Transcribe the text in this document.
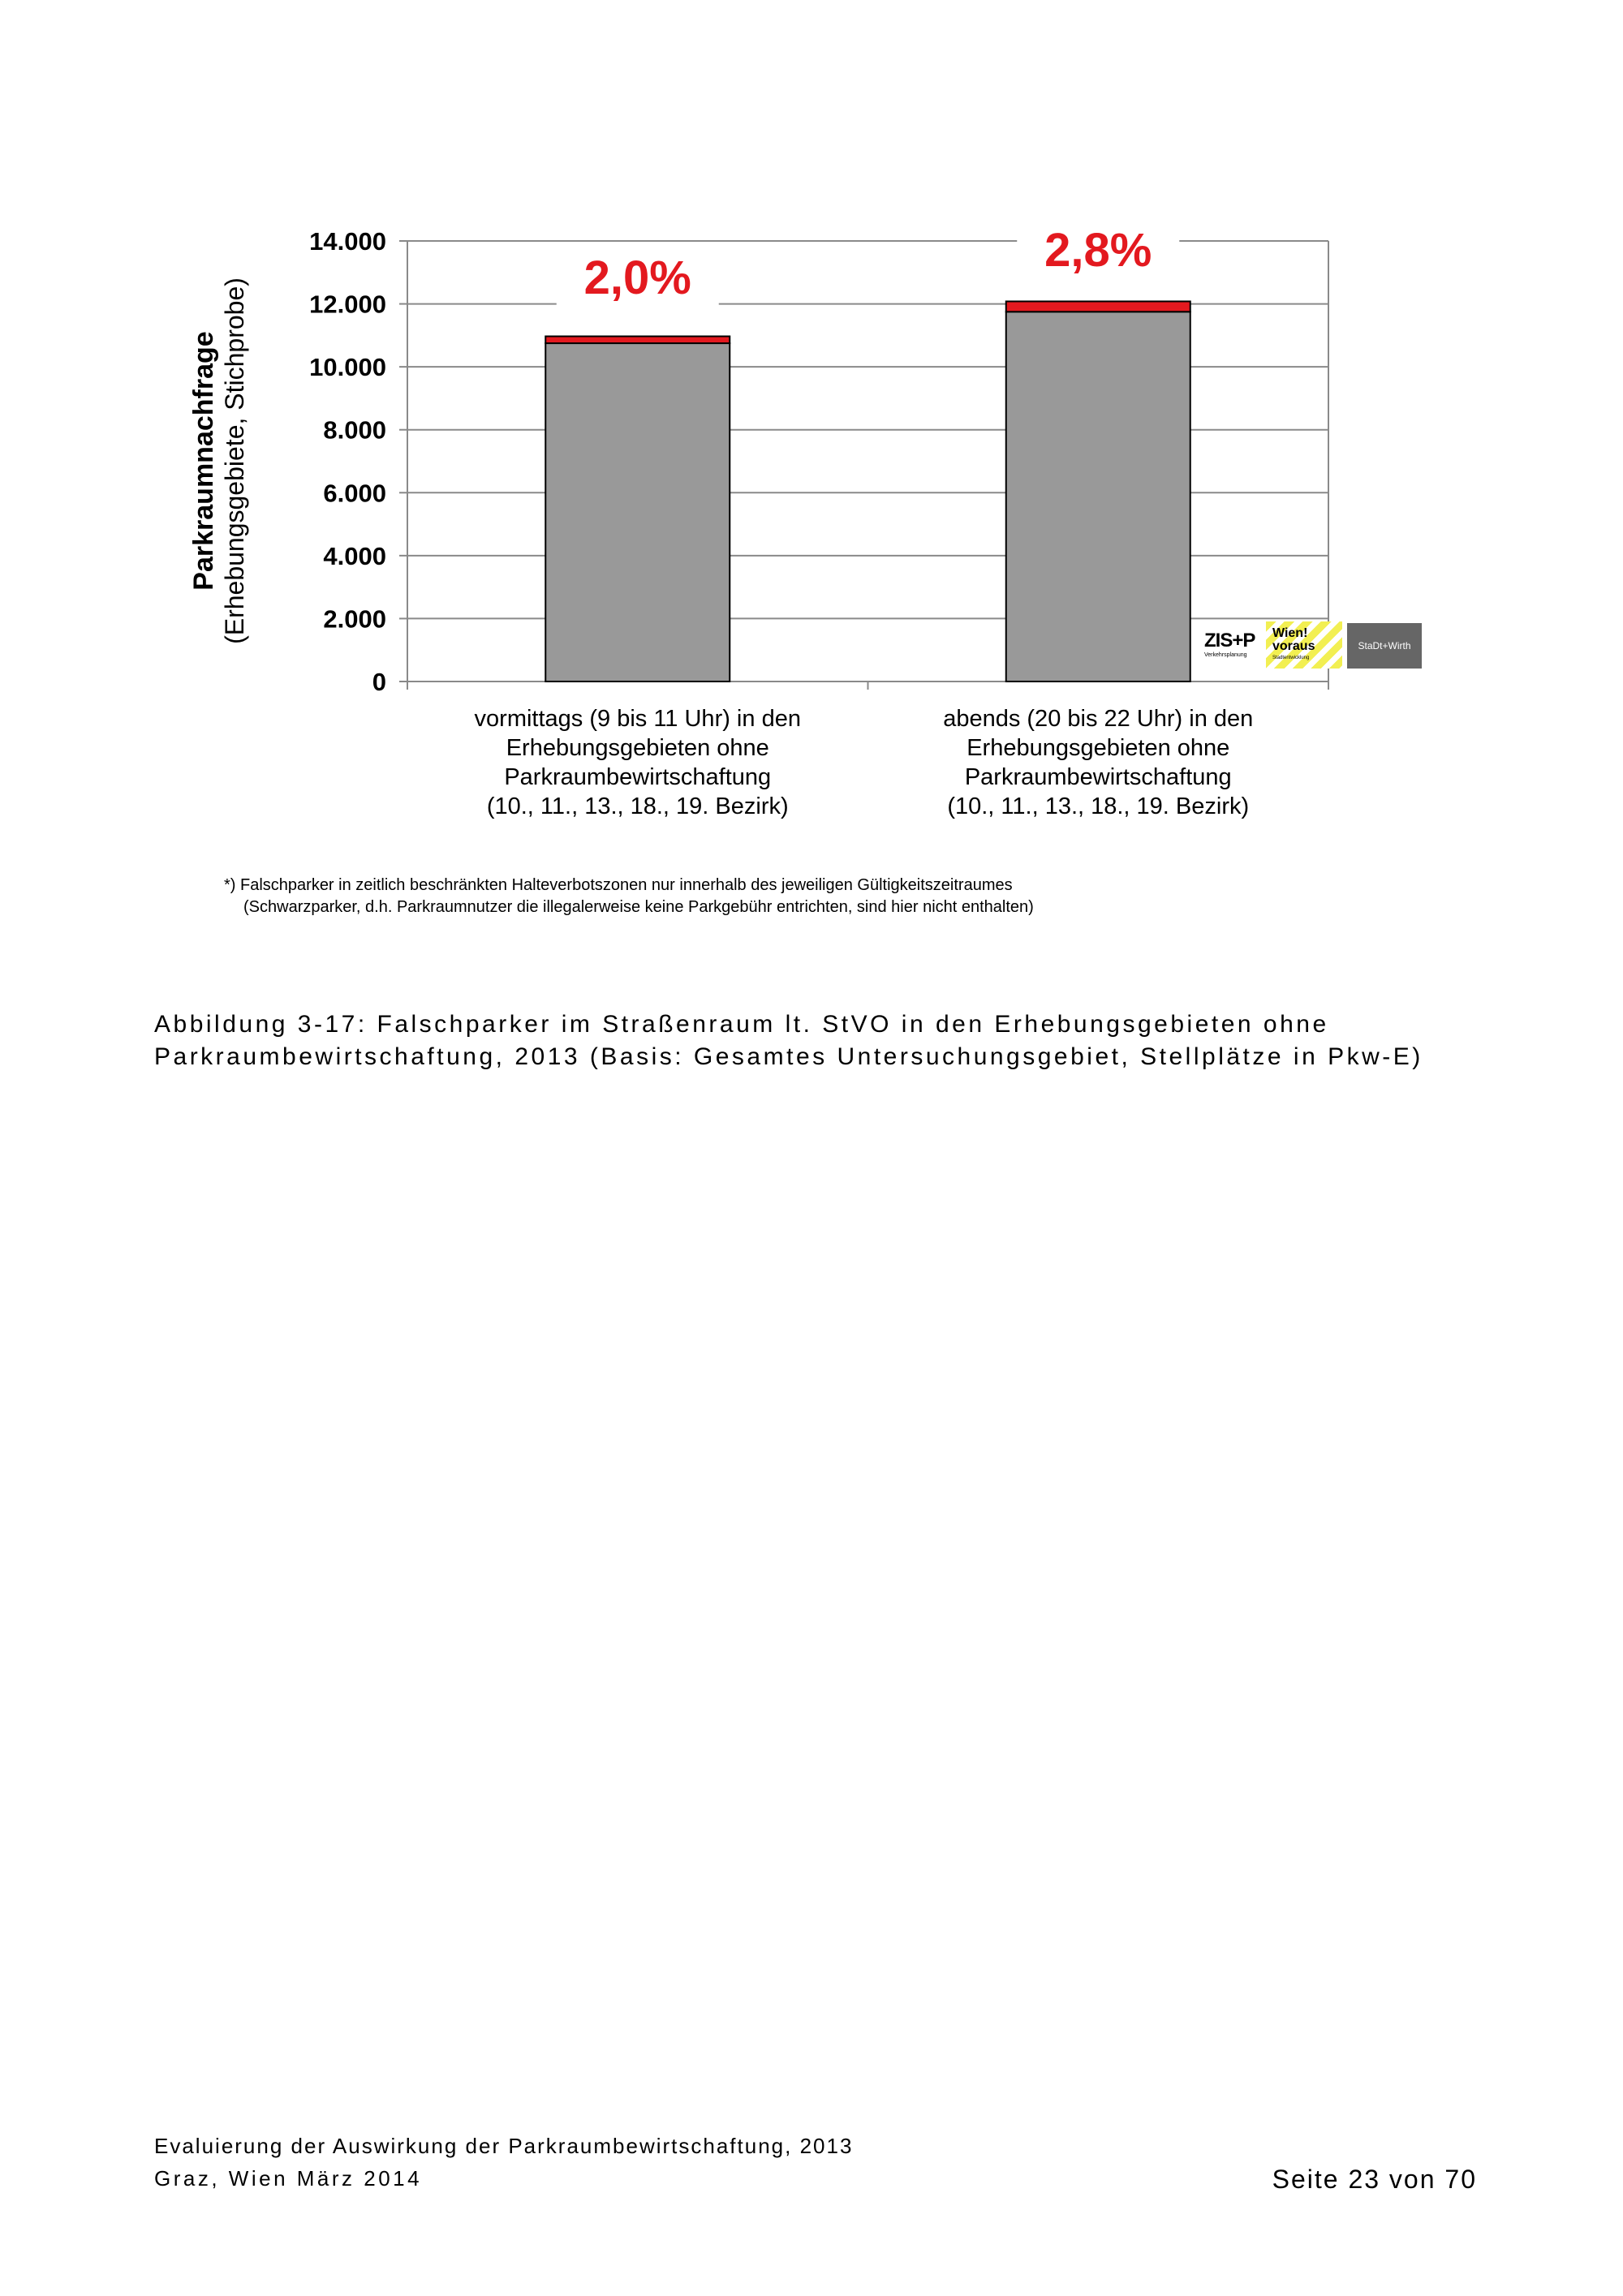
0
2.000
4.000
6.000
8.000
10.000
12.000
14.000
2,0%
vormittags (9 bis 11 Uhr) in den
Erhebungsgebieten ohne
Parkraumbewirtschaftung
(10., 11., 13., 18., 19. Bezirk)
2,8%
abends (20 bis 22 Uhr) in den
Erhebungsgebieten ohne
Parkraumbewirtschaftung
(10., 11., 13., 18., 19. Bezirk)
Parkraumnachfrage (Erhebungsgebiete, Stichprobe)	ZIS+P
Verkehrsplanung
Wien!
voraus
Stadtentwicklung
StaDt+Wirth
*) Falschparker in zeitlich beschränkten Halteverbotszonen nur innerhalb des jeweiligen Gültigkeitszeitraumes
(Schwarzparker, d.h. Parkraumnutzer die illegalerweise keine Parkgebühr entrichten, sind hier nicht enthalten)
Abbildung 3-17: Falschparker im Straßenraum lt. StVO in den Erhebungsgebieten ohne Parkraumbewirtschaftung, 2013 (Basis: Gesamtes Untersuchungsgebiet, Stellplätze in Pkw-E)
Evaluierung der Auswirkung der Parkraumbewirtschaftung, 2013
Graz, Wien März 2014	Seite 23 von 70
